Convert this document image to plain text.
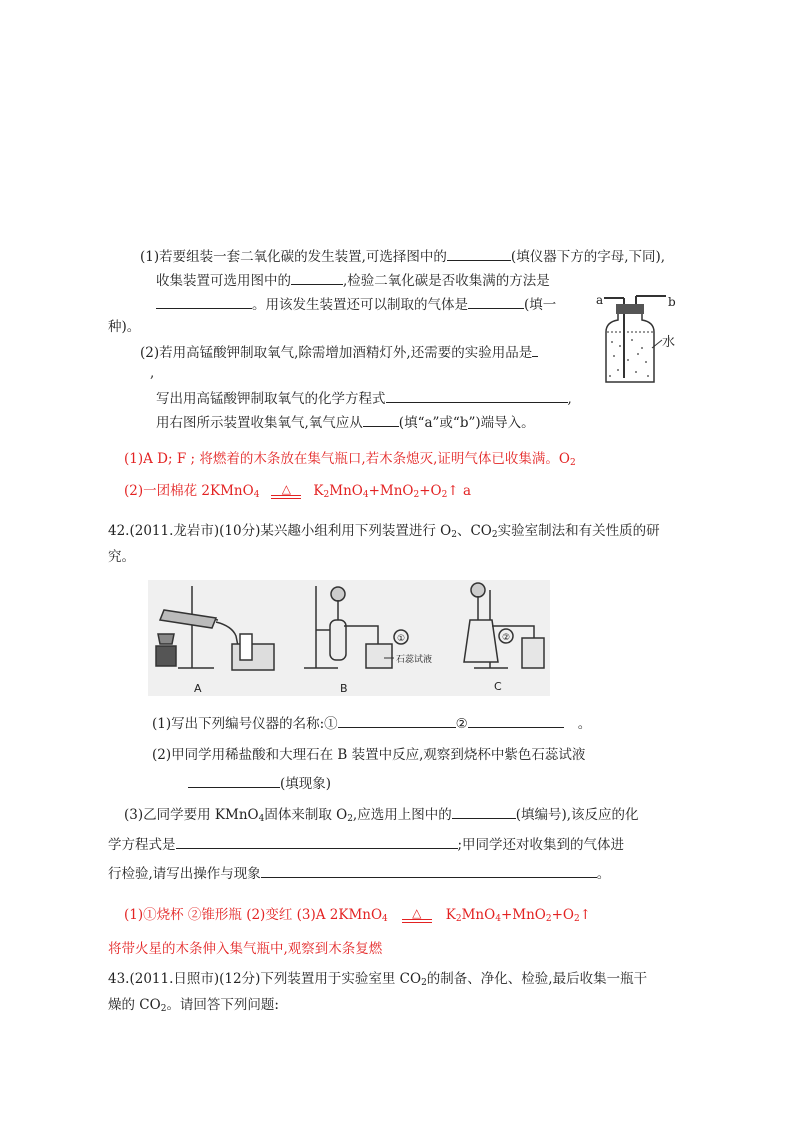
(1)若要组装一套二氧化碳的发生装置,可选择图中的	(填仪器下方的字母,下同),
收集装置可选用图中的	,检验二氧化碳是否收集满的方法是
。用该发生装置还可以制取的气体是	(填一
种)。
(2)若用高锰酸钾制取氧气,除需增加酒精灯外,还需要的实验用品是
,
写出用高锰酸钾制取氧气的化学方程式	,
用右图所示装置收集氧气,氧气应从	(填“a”或“b”)端导入。
a	b
水
(1)A D; F ; 将燃着的木条放在集气瓶口,若木条熄灭,证明气体已收集满。$O_2$
(2)一团棉花 2KMnO$_4$	△	$K_2MnO_4+MnO_2+O_2↑$ a
42.(2011.龙岩市)(10分)某兴趣小组利用下列装置进行 $O_2$、$CO_2$实验室制法和有关性质的研
究。
①
石蕊试液
②
A	B	C
(1)写出下列编号仪器的名称:①	②	。
(2)甲同学用稀盐酸和大理石在 B 装置中反应,观察到烧杯中紫色石蕊试液
(填现象)
(3)乙同学要用 KMnO$_4$固体来制取 $O_2$,应选用上图中的	(填编号),该反应的化
学方程式是	;甲同学还对收集到的气体进
行检验,请写出操作与现象	。
(1)①烧杯 ②锥形瓶 (2)变红 (3)A 2KMnO$_4$	△	$K_2MnO_4+MnO_2+O_2↑$
将带火星的木条伸入集气瓶中,观察到木条复燃
43.(2011.日照市)(12分)下列装置用于实验室里 $CO_2$的制备、净化、检验,最后收集一瓶干
燥的 $CO_2$。请回答下列问题:
